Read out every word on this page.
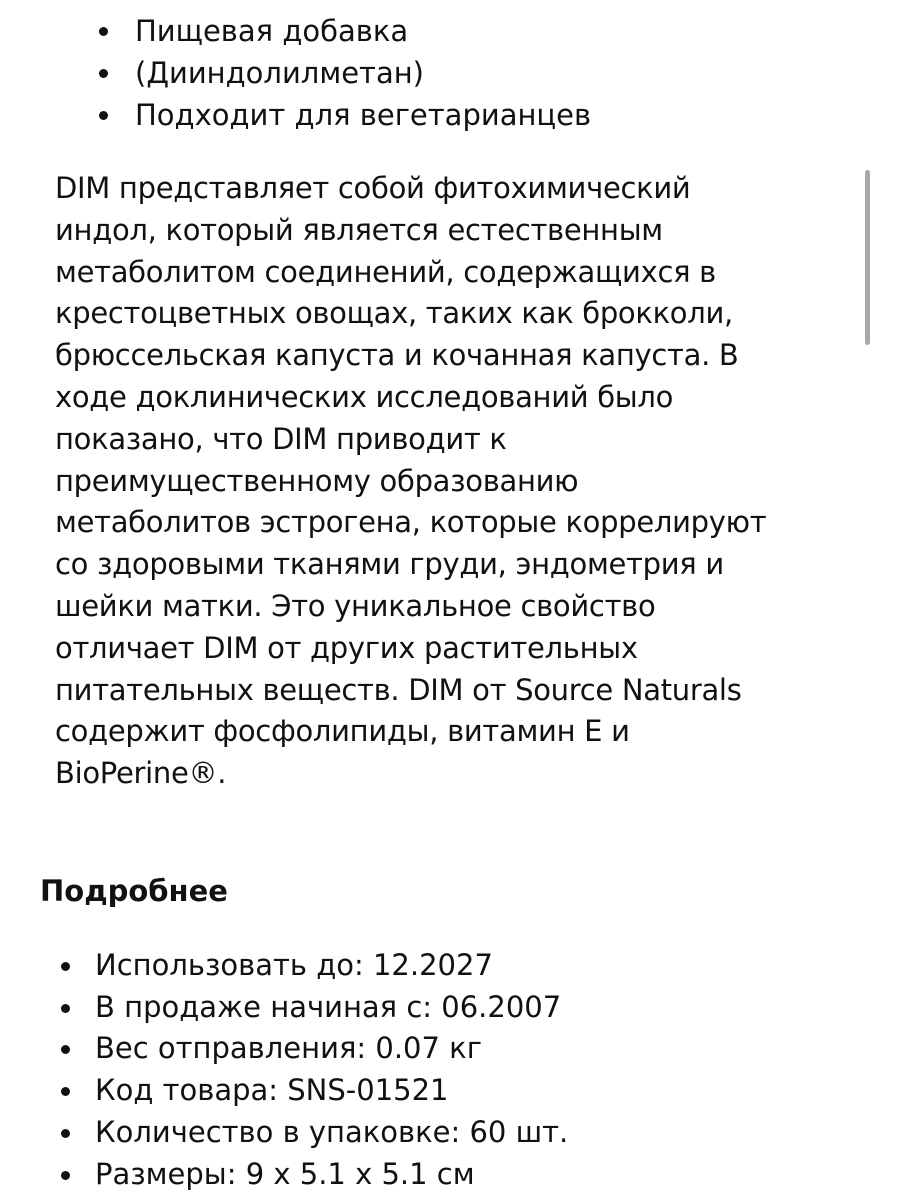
Пищевая добавка
(Дииндолилметан)
Подходит для вегетарианцев

DIM представляет собой фитохимический
индол, который является естественным
метаболитом соединений, содержащихся в
крестоцветных овощах, таких как брокколи,
брюссельская капуста и кочанная капуста. В
ходе доклинических исследований было
показано, что DIM приводит к
преимущественному образованию
метаболитов эстрогена, которые коррелируют
со здоровыми тканями груди, эндометрия и
шейки матки. Это уникальное свойство
отличает DIM от других растительных
питательных веществ. DIM от Source Naturals
содержит фосфолипиды, витамин Е и
BioPerine®.

Подробнее
Использовать до: 12.2027
В продаже начиная с: 06.2007
Вес отправления: 0.07 кг
Код товара: SNS-01521
Количество в упаковке: 60 шт.
Размеры: 9 x 5.1 x 5.1 см
